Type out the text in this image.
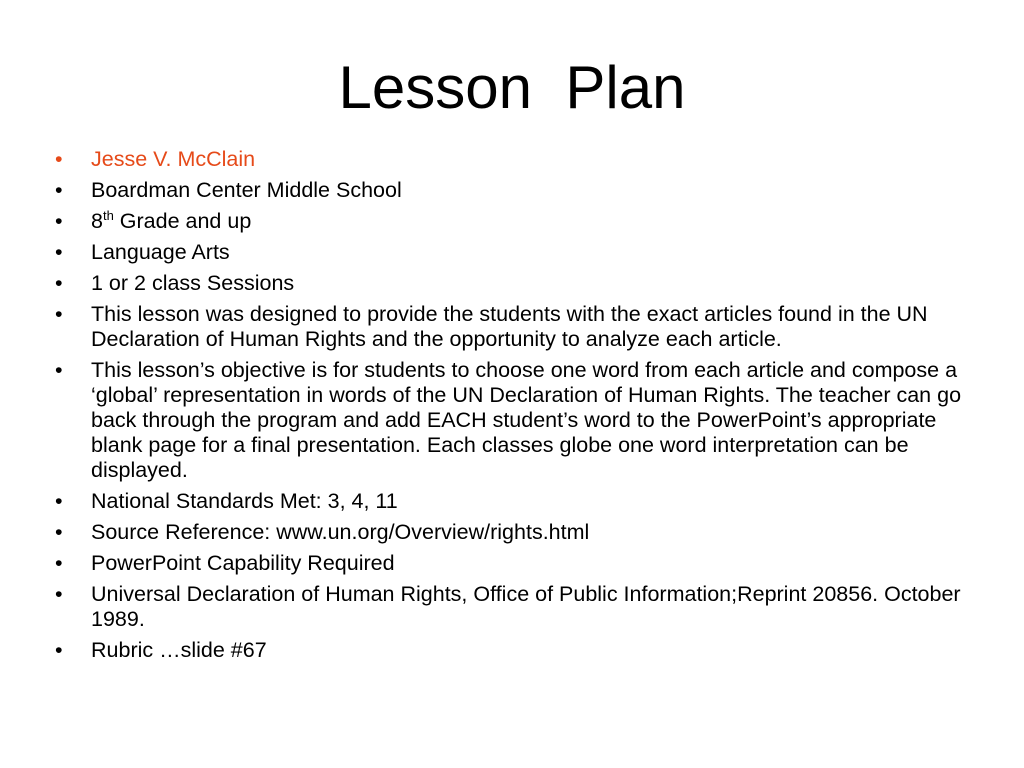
Lesson  Plan
• Jesse V. McClain
• Boardman Center Middle School
• 8th Grade and up
• Language Arts
• 1 or 2 class Sessions
• This lesson was designed to provide the students with the exact articles found in the UN Declaration of Human Rights and the opportunity to analyze each article.
• This lesson’s objective is for students to choose one word from each article and compose a ‘global’ representation in words of the UN Declaration of Human Rights. The teacher can go back through the program and add EACH student’s word to the PowerPoint’s appropriate blank page for a final presentation. Each classes globe one word interpretation can be displayed.
• National Standards Met: 3, 4, 11
• Source Reference: www.un.org/Overview/rights.html
• PowerPoint Capability Required
• Universal Declaration of Human Rights, Office of Public Information;Reprint 20856. October 1989.
• Rubric …slide #67
